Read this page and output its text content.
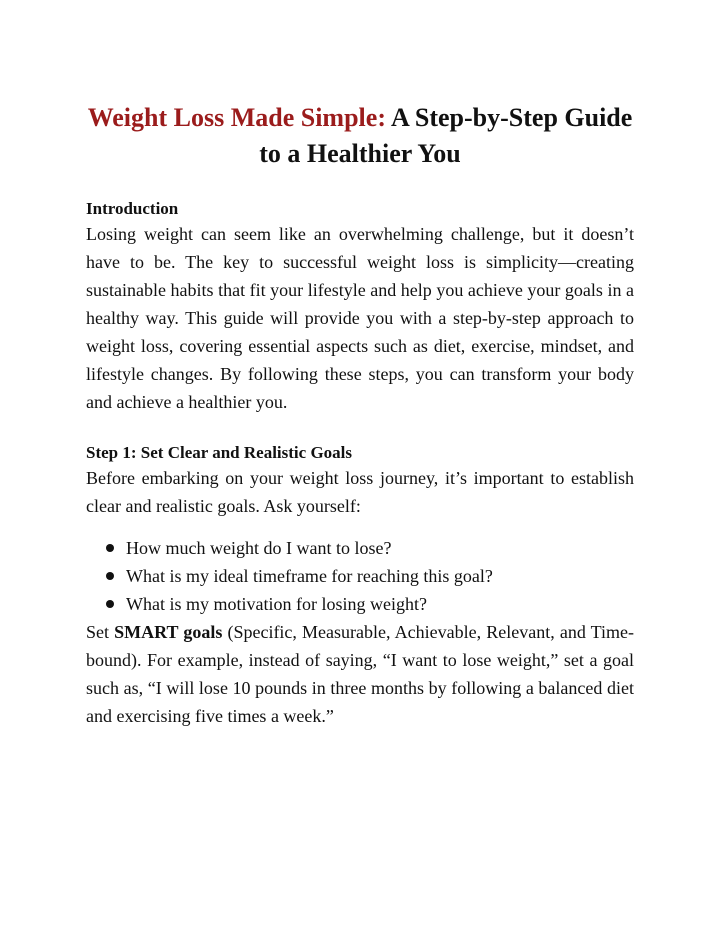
Weight Loss Made Simple: A Step-by-Step Guide to a Healthier You
Introduction

Losing weight can seem like an overwhelming challenge, but it doesn’t have to be. The key to successful weight loss is simplicity—creating sustainable habits that fit your lifestyle and help you achieve your goals in a healthy way. This guide will provide you with a step-by-step approach to weight loss, covering essential aspects such as diet, exercise, mindset, and lifestyle changes. By following these steps, you can transform your body and achieve a healthier you.

Step 1: Set Clear and Realistic Goals

Before embarking on your weight loss journey, it’s important to establish clear and realistic goals. Ask yourself:

How much weight do I want to lose?
What is my ideal timeframe for reaching this goal?
What is my motivation for losing weight?

Set SMART goals (Specific, Measurable, Achievable, Relevant, and Time-bound). For example, instead of saying, “I want to lose weight,” set a goal such as, “I will lose 10 pounds in three months by following a balanced diet and exercising five times a week.”
